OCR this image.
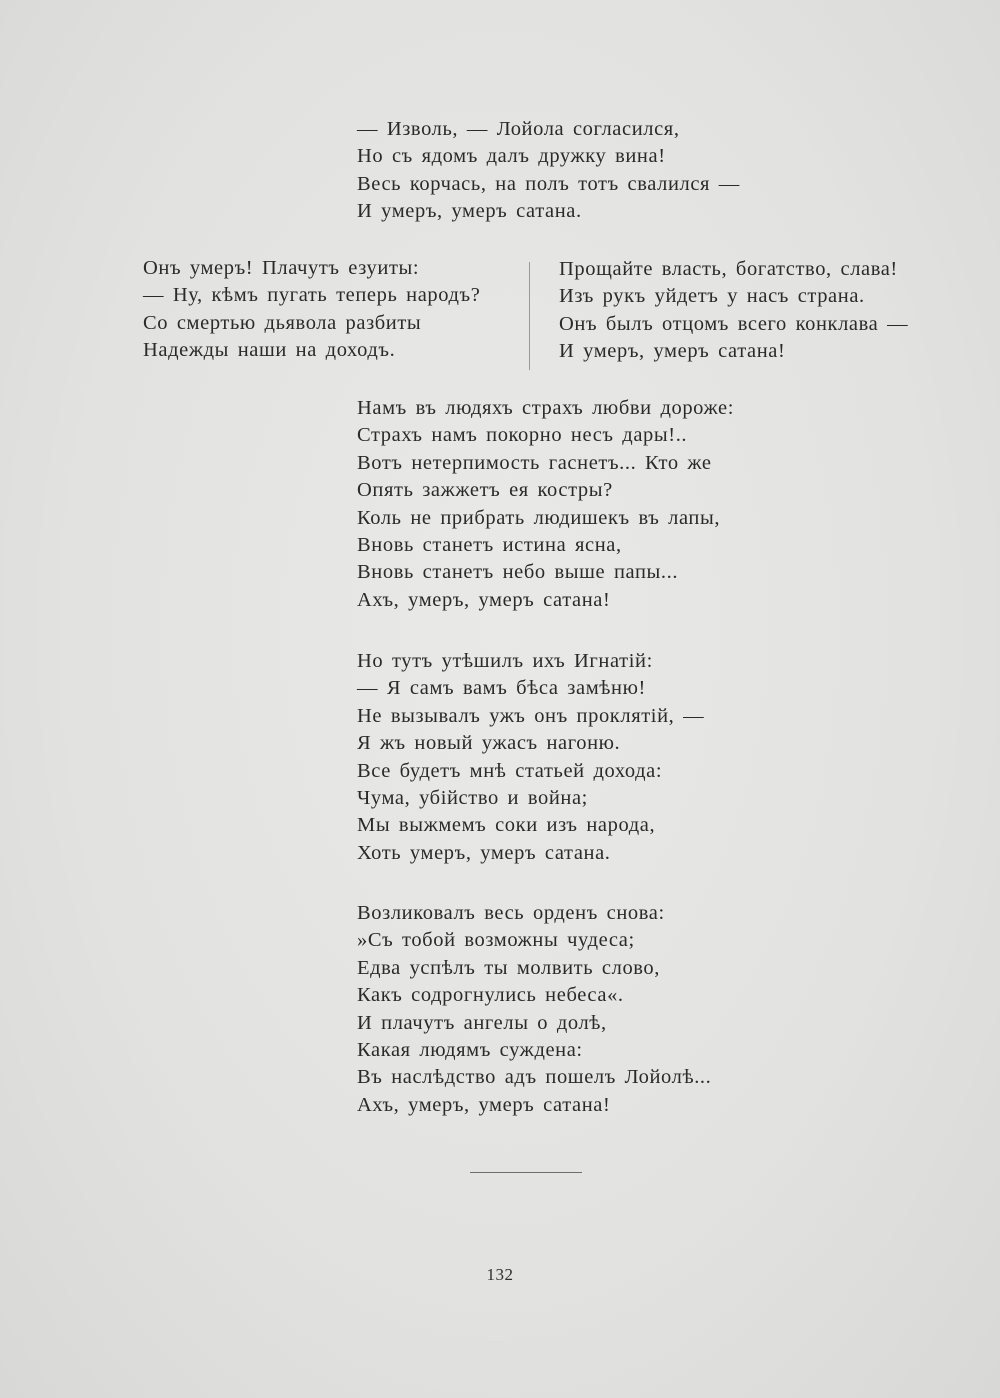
— Изволь, — Лойола согласился,
Но съ ядомъ далъ дружку вина!
Весь корчась, на полъ тотъ свалился —
И умеръ, умеръ сатана.
Онъ умеръ! Плачутъ езуиты:
— Ну, кѣмъ пугать теперь народъ?
Со смертью дьявола разбиты
Надежды наши на доходъ.
Прощайте власть, богатство, слава!
Изъ рукъ уйдетъ у насъ страна.
Онъ былъ отцомъ всего конклава —
И умеръ, умеръ сатана!
Намъ въ людяхъ страхъ любви дороже:
Страхъ намъ покорно несъ дары!..
Вотъ нетерпимость гаснетъ... Кто же
Опять зажжетъ ея костры?
Коль не прибрать людишекъ въ лапы,
Вновь станетъ истина ясна,
Вновь станетъ небо выше папы...
Ахъ, умеръ, умеръ сатана!
Но тутъ утѣшилъ ихъ Игнатій:
— Я самъ вамъ бѣса замѣню!
Не вызывалъ ужъ онъ проклятій, —
Я жъ новый ужасъ нагоню.
Все будетъ мнѣ статьей дохода:
Чума, убійство и война;
Мы выжмемъ соки изъ народа,
Хоть умеръ, умеръ сатана.
Возликовалъ весь орденъ снова:
»Съ тобой возможны чудеса;
Едва успѣлъ ты молвить слово,
Какъ содрогнулись небеса«.
И плачутъ ангелы о долѣ,
Какая людямъ суждена:
Въ наслѣдство адъ пошелъ Лойолѣ...
Ахъ, умеръ, умеръ сатана!
132
